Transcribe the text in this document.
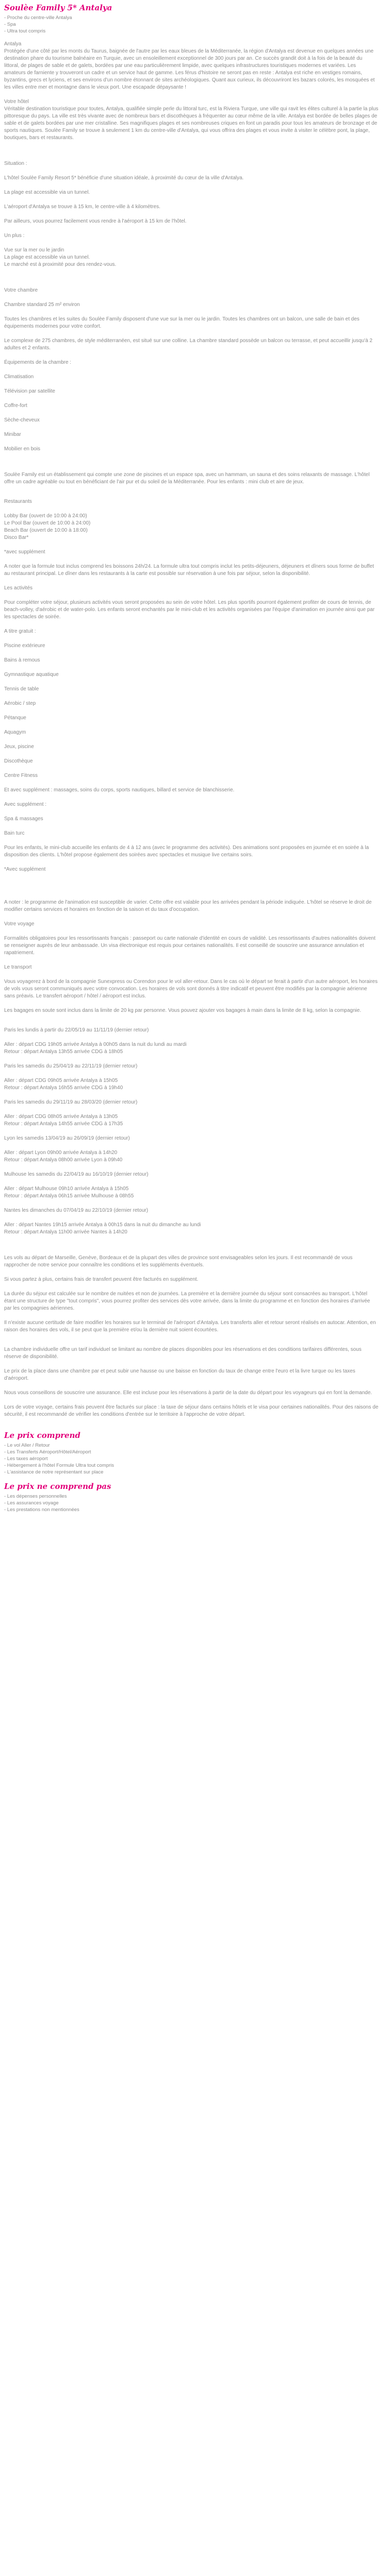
Soulèe Family 5* Antalya
- Proche du centre-ville Antalya
- Spa
- Ultra tout compris
Antalya

Protégée d'une côté par les monts du Taurus, baignée de l'autre par les eaux bleues de la Méditerranée, la région d'Antalya est devenue en quelques années une destination phare du tourisme balnéaire en Turquie, avec un ensoleillement exceptionnel de 300 jours par an. Ce succès grandit doit à la fois de la beauté du littoral, de plages de sable et de galets, bordées par une eau particulièrement limpide, avec quelques infrastructures touristiques modernes et variées. Les amateurs de farniente y trouveront un cadre et un service haut de gamme. Les férus d'histoire ne seront pas en reste : Antalya est riche en vestiges romains, byzantins, grecs et lyciens, et ses environs d'un nombre étonnant de sites archéologiques. Quant aux curieux, ils découvriront les bazars colorés, les mosquées et les villes entre mer et montagne dans le vieux port. Une escapade dépaysante !

Votre hôtel

Véritable destination touristique pour toutes, Antalya, qualifiée simple perle du littoral turc, est la Riviera Turque, une ville qui ravit les élites culturel à la partie la plus pittoresque du pays. La ville est très vivante avec de nombreux bars et discothèques à fréquenter au cœur même de la ville. Antalya est bordée de belles plages de sable et de galets bordées par une mer cristalline. Ses magnifiques plages et ses nombreuses criques en font un paradis pour tous les amateurs de bronzage et de sports nautiques. Soulèe Family se trouve à seulement 1 km du centre-ville d'Antalya, qui vous offrira des plages et vous invite à visiter le célèbre pont, la plage, boutiques, bars et restaurants.

Situation :

L'hôtel Soulèe Family Resort 5* bénéficie d'une situation idéale, à proximité du cœur de la ville d'Antalya.

La plage est accessible via un tunnel.

L'aéroport d'Antalya se trouve à 15 km, le centre-ville à 4 kilomètres.

Par ailleurs, vous pourrez facilement vous rendre à l'aéroport à 15 km de l'hôtel.

Un plus :

Vue sur la mer ou le jardin
La plage est accessible via un tunnel.

Le marché est à proximité pour des rendez-vous.

Votre chambre

Chambre standard 25 m² environ

Toutes les chambres et les suites du Soulèe Family disposent d'une vue sur la mer ou le jardin. Toutes les chambres ont un balcon, une salle de bain et des équipements modernes pour votre confort.

Le complexe de 275 chambres, de style méditerranéen, est situé sur une colline. La chambre standard possède un balcon ou terrasse, et peut accueillir jusqu'à 2 adultes et 2 enfants.

Équipements de la chambre :

Climatisation

Télévision par satellite

Coffre-fort

Sèche-cheveux

Minibar

Mobilier en bois

Soulèe Family est un établissement qui compte une zone de piscines et un espace spa, avec un hammam, un sauna et des soins relaxants de massage. L'hôtel offre un cadre agréable ou tout en bénéficiant de l'air pur et du soleil de la Méditerranée. Pour les enfants : mini club et aire de jeux.

Restaurants

Lobby Bar (ouvert de 10:00 à 24:00)
Le Pool Bar (ouvert de 10:00 à 24:00)
Beach Bar (ouvert de 10:00 à 18:00)

Disco Bar*

*avec supplément

A noter que la formule tout inclus comprend les boissons 24h/24. La formule ultra tout compris inclut les petits-déjeuners, déjeuners et dîners sous forme de buffet au restaurant principal. Le dîner dans les restaurants à la carte est possible sur réservation à une fois par séjour, selon la disponibilité.

Les activités

Pour compléter votre séjour, plusieurs activités vous seront proposées au sein de votre hôtel. Les plus sportifs pourront également profiter de cours de tennis, de beach-volley, d'aérobic et de water-polo. Les enfants seront enchantés par le mini-club et les activités organisées par l'équipe d'animation en journée ainsi que par les spectacles de soirée.

A titre gratuit :

Piscine extérieure

Bains à remous

Gymnastique aquatique

Tennis de table

Aérobic / step

Pétanque

Aquagym

Jeux, piscine

Discothèque

Centre Fitness

Et avec supplément : massages, soins du corps, sports nautiques, billard et service de blanchisserie.

Avec supplément :

Spa & massages

Bain turc

Pour les enfants, le mini-club accueille les enfants de 4 à 12 ans (avec le programme des activités). Des animations sont proposées en journée et en soirée à la disposition des clients. L'hôtel propose également des soirées avec spectacles et musique live certains soirs.

*Avec supplément

A noter : le programme de l'animation est susceptible de varier. Cette offre est valable pour les arrivées pendant la période indiquée. L'hôtel se réserve le droit de modifier certains services et horaires en fonction de la saison et du taux d'occupation.

Votre voyage

Formalités obligatoires pour les ressortissants français : passeport ou carte nationale d'identité en cours de validité. Les ressortissants d'autres nationalités doivent se renseigner auprès de leur ambassade. Un visa électronique est requis pour certaines nationalités. Il est conseillé de souscrire une assurance annulation et rapatriement.

Le transport

Vous voyagerez à bord de la compagnie Sunexpress ou Corendon pour le vol aller-retour. Dans le cas où le départ se ferait à partir d'un autre aéroport, les horaires de vols vous seront communiqués avec votre convocation. Les horaires de vols sont donnés à titre indicatif et peuvent être modifiés par la compagnie aérienne sans préavis. Le transfert aéroport / hôtel / aéroport est inclus.

Les bagages en soute sont inclus dans la limite de 20 kg par personne. Vous pouvez ajouter vos bagages à main dans la limite de 8 kg, selon la compagnie.

Paris les lundis à partir du 22/05/19 au 11/11/19 (dernier retour)

Aller : départ CDG 19h05 arrivée Antalya à 00h05 dans la nuit du lundi au mardi
Retour : départ Antalya 13h55 arrivée CDG à 18h05

Paris les samedis du 25/04/19 au 22/11/19 (dernier retour)

Aller : départ CDG 09h05 arrivée Antalya à 15h05
Retour : départ Antalya 16h55 arrivée CDG à 19h40

Paris les samedis du 29/11/19 au 28/03/20 (dernier retour)

Aller : départ CDG 08h05 arrivée Antalya à 13h05
Retour : départ Antalya 14h55 arrivée CDG à 17h35

Lyon les samedis 13/04/19 au 26/09/19 (dernier retour)

Aller : départ Lyon 09h00 arrivée Antalya à 14h20
Retour : départ Antalya 08h00 arrivée Lyon à 09h40

Mulhouse les samedis du 22/04/19 au 16/10/19 (dernier retour)

Aller : départ Mulhouse 09h10 arrivée Antalya à 15h05
Retour : départ Antalya 06h15 arrivée Mulhouse à 08h55

Nantes les dimanches du 07/04/19 au 22/10/19 (dernier retour)

Aller : départ Nantes 19h15 arrivée Antalya à 00h15 dans la nuit du dimanche au lundi
Retour : départ Antalya 11h00 arrivée Nantes à 14h20

Les vols au départ de Marseille, Genève, Bordeaux et de la plupart des villes de province sont envisageables selon les jours. Il est recommandé de vous rapprocher de notre service pour connaître les conditions et les suppléments éventuels.

Si vous partez à plus, certains frais de transfert peuvent être facturés en supplément.

La durée du séjour est calculée sur le nombre de nuitées et non de journées. La première et la dernière journée du séjour sont consacrées au transport. L'hôtel étant une structure de type "tout compris", vous pourrez profiter des services dès votre arrivée, dans la limite du programme et en fonction des horaires d'arrivée par les compagnies aériennes.

Il n'existe aucune certitude de faire modifier les horaires sur le terminal de l'aéroport d'Antalya. Les transferts aller et retour seront réalisés en autocar. Attention, en raison des horaires des vols, il se peut que la première et/ou la dernière nuit soient écourtées.

La chambre individuelle offre un tarif individuel se limitant au nombre de places disponibles pour les réservations et des conditions tarifaires différentes, sous réserve de disponibilité.

Le prix de la place dans une chambre par et peut subir une hausse ou une baisse en fonction du taux de change entre l'euro et la livre turque ou les taxes d'aéroport.

Nous vous conseillons de souscrire une assurance. Elle est incluse pour les réservations à partir de la date du départ pour les voyageurs qui en font la demande.

Lors de votre voyage, certains frais peuvent être facturés sur place : la taxe de séjour dans certains hôtels et le visa pour certaines nationalités. Pour des raisons de sécurité, il est recommandé de vérifier les conditions d'entrée sur le territoire à l'approche de votre départ.

Le prix comprend
- Le vol Aller / Retour
- Les Transferts Aéroport/Hôtel/Aéroport
- Les taxes aéroport
- Hébergement à l'hôtel Formule Ultra tout compris
- L'assistance de notre représentant sur place
Le prix ne comprend pas
- Les dépenses personnelles
- Les assurances voyage
- Les prestations non mentionnées
